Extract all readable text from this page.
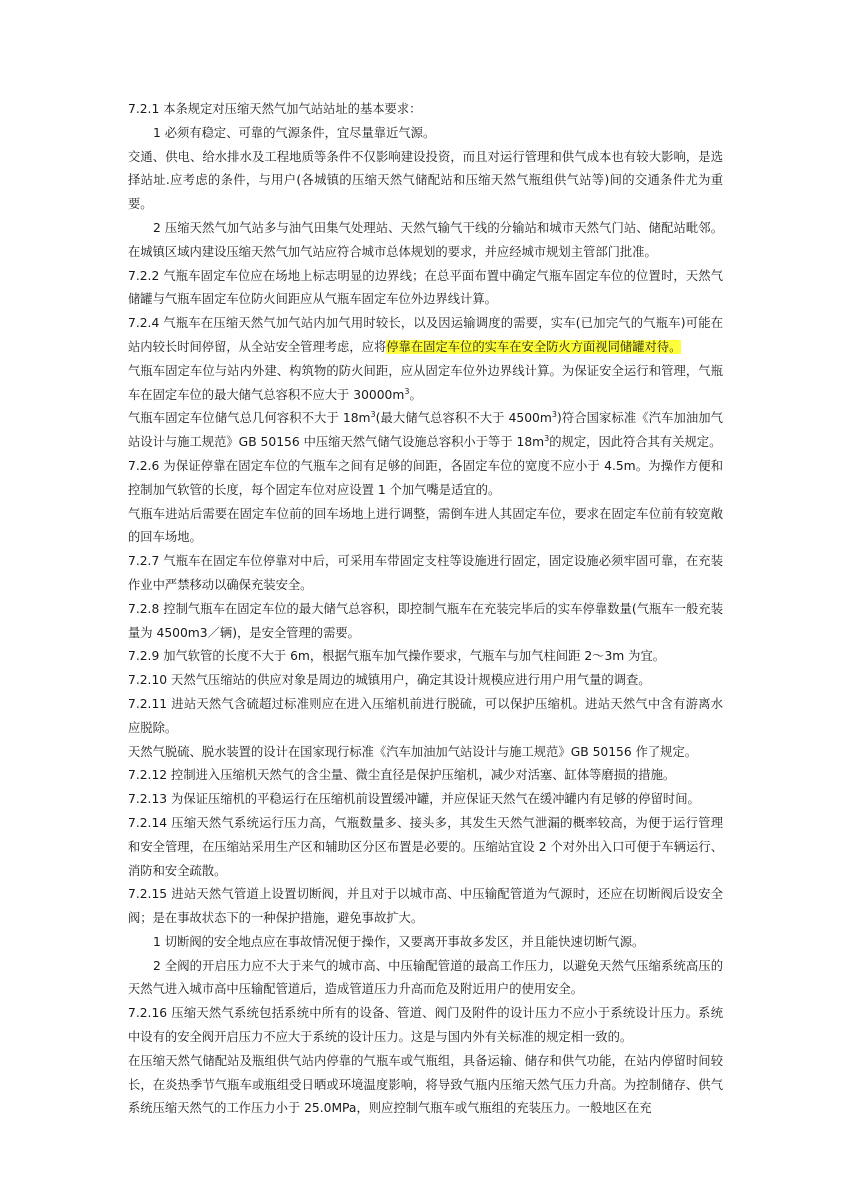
7.2.1 本条规定对压缩天然气加气站站址的基本要求：

1 必须有稳定、可靠的气源条件，宜尽量靠近气源。

交通、供电、给水排水及工程地质等条件不仅影响建设投资，而且对运行管理和供气成本也有较大影响，是选择站址.应考虑的条件，与用户(各城镇的压缩天然气储配站和压缩天然气瓶组供气站等)间的交通条件尤为重要。

2 压缩天然气加气站多与油气田集气处理站、天然气输气干线的分输站和城市天然气门站、储配站毗邻。在城镇区域内建设压缩天然气加气站应符合城市总体规划的要求，并应经城市规划主管部门批准。

7.2.2 气瓶车固定车位应在场地上标志明显的边界线；在总平面布置中确定气瓶车固定车位的位置时，天然气储罐与气瓶车固定车位防火间距应从气瓶车固定车位外边界线计算。

7.2.4 气瓶车在压缩天然气加气站内加气用时较长，以及因运输调度的需要，实车(已加完气的气瓶车)可能在站内较长时间停留，从全站安全管理考虑，应将停靠在固定车位的实车在安全防火方面视同储罐对待。

气瓶车固定车位与站内外建、构筑物的防火间距，应从固定车位外边界线计算。为保证安全运行和管理，气瓶车在固定车位的最大储气总容积不应大于 $30000m^3$。

气瓶车固定车位储气总几何容积不大于 $18m^3$(最大储气总容积不大于 $4500m^3$)符合国家标准《汽车加油加气站设计与施工规范》GB 50156 中压缩天然气储气设施总容积小于等于 $18m^3$的规定，因此符合其有关规定。

7.2.6 为保证停靠在固定车位的气瓶车之间有足够的间距，各固定车位的宽度不应小于 4.5m。为操作方便和控制加气软管的长度，每个固定车位对应设置 1 个加气嘴是适宜的。

气瓶车进站后需要在固定车位前的回车场地上进行调整，需倒车进人其固定车位，要求在固定车位前有较宽敞的回车场地。

7.2.7 气瓶车在固定车位停靠对中后，可采用车带固定支柱等设施进行固定，固定设施必须牢固可靠，在充装作业中严禁移动以确保充装安全。

7.2.8 控制气瓶车在固定车位的最大储气总容积，即控制气瓶车在充装完毕后的实车停靠数量(气瓶车一般充装量为 4500m3／辆)，是安全管理的需要。

7.2.9 加气软管的长度不大于 6m，根据气瓶车加气操作要求，气瓶车与加气柱间距 2～3m 为宜。

7.2.10 天然气压缩站的供应对象是周边的城镇用户，确定其设计规模应进行用户用气量的调查。

7.2.11 进站天然气含硫超过标准则应在进入压缩机前进行脱硫，可以保护压缩机。进站天然气中含有游离水应脱除。

天然气脱硫、脱水装置的设计在国家现行标准《汽车加油加气站设计与施工规范》GB 50156 作了规定。

7.2.12 控制进入压缩机天然气的含尘量、微尘直径是保护压缩机，减少对活塞、缸体等磨损的措施。

7.2.13 为保证压缩机的平稳运行在压缩机前设置缓冲罐，并应保证天然气在缓冲罐内有足够的停留时间。

7.2.14 压缩天然气系统运行压力高，气瓶数量多、接头多，其发生天然气泄漏的概率较高，为便于运行管理和安全管理，在压缩站采用生产区和辅助区分区布置是必要的。压缩站宜设 2 个对外出入口可便于车辆运行、消防和安全疏散。

7.2.15 进站天然气管道上设置切断阀，并且对于以城市高、中压输配管道为气源时，还应在切断阀后设安全阀；是在事故状态下的一种保护措施，避免事故扩大。

1 切断阀的安全地点应在事故情况便于操作，又要离开事故多发区，并且能快速切断气源。

2 全阀的开启压力应不大于来气的城市高、中压输配管道的最高工作压力，以避免天然气压缩系统高压的天然气进入城市高中压输配管道后，造成管道压力升高而危及附近用户的使用安全。

7.2.16 压缩天然气系统包括系统中所有的设备、管道、阀门及附件的设计压力不应小于系统设计压力。系统中设有的安全阀开启压力不应大于系统的设计压力。这是与国内外有关标准的规定相一致的。

在压缩天然气储配站及瓶组供气站内停靠的气瓶车或气瓶组，具备运输、储存和供气功能，在站内停留时间较长，在炎热季节气瓶车或瓶组受日晒或环境温度影响，将导致气瓶内压缩天然气压力升高。为控制储存、供气系统压缩天然气的工作压力小于 25.0MPa，则应控制气瓶车或气瓶组的充装压力。一般地区在充
